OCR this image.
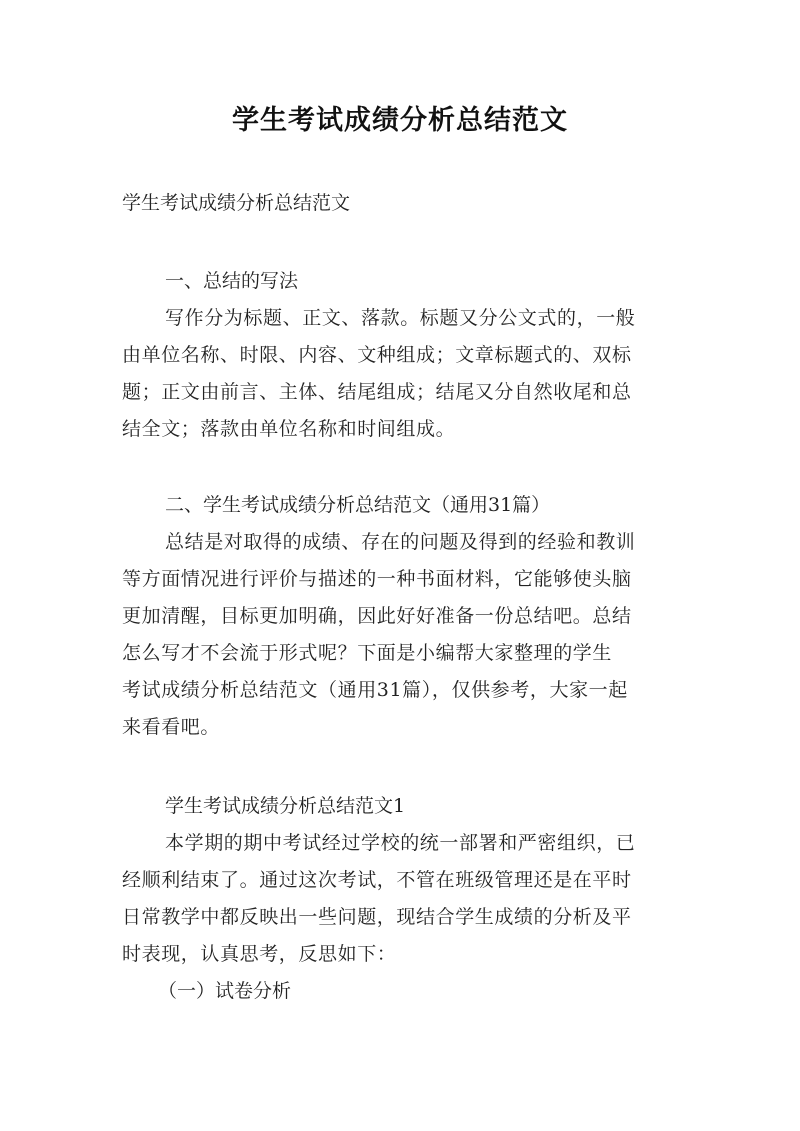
学生考试成绩分析总结范文

学生考试成绩分析总结范文

一、总结的写法

写作分为标题、正文、落款。标题又分公文式的，一般

由单位名称、时限、内容、文种组成；文章标题式的、双标

题；正文由前言、主体、结尾组成；结尾又分自然收尾和总

结全文；落款由单位名称和时间组成。

二、学生考试成绩分析总结范文（通用31篇）

总结是对取得的成绩、存在的问题及得到的经验和教训

等方面情况进行评价与描述的一种书面材料，它能够使头脑

更加清醒，目标更加明确，因此好好准备一份总结吧。总结

怎么写才不会流于形式呢？下面是小编帮大家整理的学生

考试成绩分析总结范文（通用31篇），仅供参考，大家一起

来看看吧。

学生考试成绩分析总结范文1

本学期的期中考试经过学校的统一部署和严密组织，已

经顺利结束了。通过这次考试，不管在班级管理还是在平时

日常教学中都反映出一些问题，现结合学生成绩的分析及平

时表现，认真思考，反思如下：

（一）试卷分析
